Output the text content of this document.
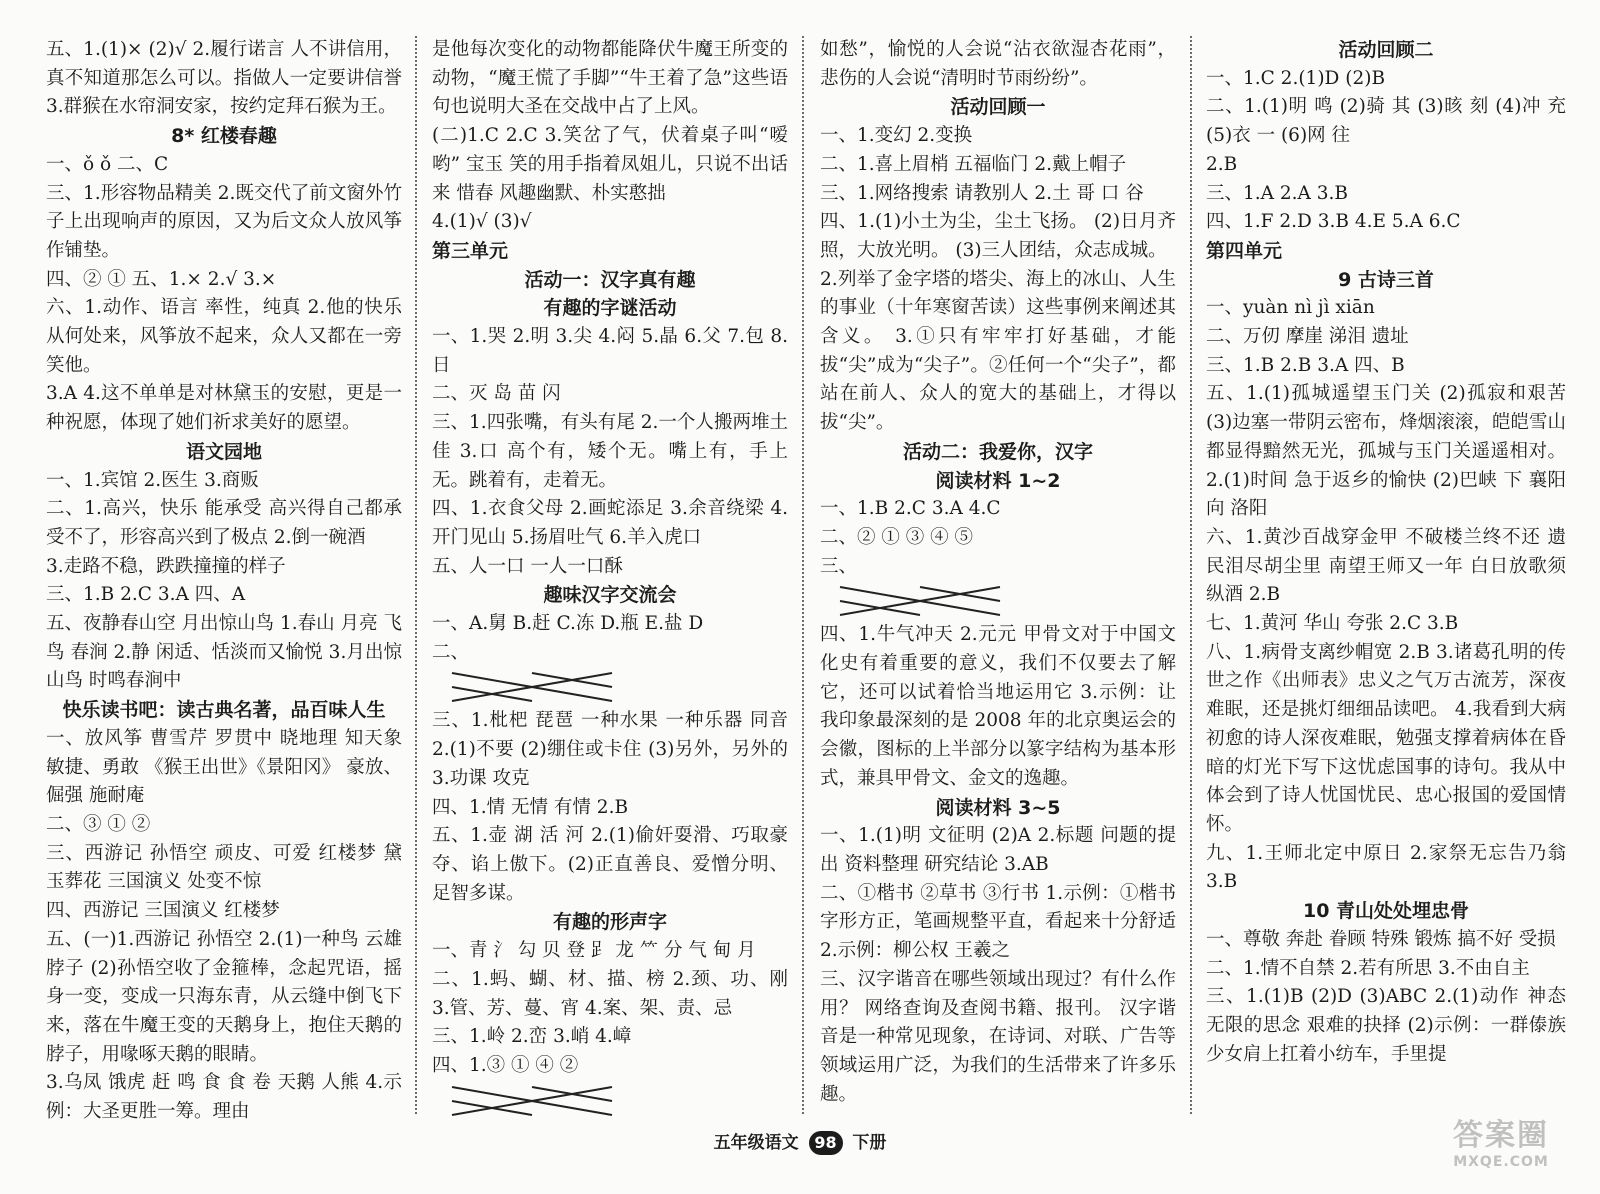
五、1.(1)× (2)√ 2.履行诺言 人不讲信用，真不知道那怎么可以。指做人一定要讲信誉 3.群猴在水帘洞安家，按约定拜石猴为王。

8* 红楼春趣

一、ǒ ǒ 二、C

三、1.形容物品精美 2.既交代了前文窗外竹子上出现响声的原因，又为后文众人放风筝作铺垫。

四、② ① 五、1.× 2.√ 3.×

六、1.动作、语言 率性，纯真 2.他的快乐从何处来，风筝放不起来，众人又都在一旁笑他。

3.A 4.这不单单是对林黛玉的安慰，更是一种祝愿，体现了她们祈求美好的愿望。

语文园地

一、1.宾馆 2.医生 3.商贩

二、1.高兴，快乐 能承受 高兴得自己都承受不了，形容高兴到了极点 2.倒一碗酒

3.走路不稳，跌跌撞撞的样子

三、1.B 2.C 3.A 四、A

五、夜静春山空 月出惊山鸟 1.春山 月亮 飞鸟 春涧 2.静 闲适、恬淡而又愉悦 3.月出惊山鸟 时鸣春涧中

快乐读书吧：读古典名著，品百味人生

一、放风筝 曹雪芹 罗贯中 晓地理 知天象 敏捷、勇敢 《猴王出世》《景阳冈》 豪放、倔强 施耐庵

二、③ ① ②

三、西游记 孙悟空 顽皮、可爱 红楼梦 黛玉葬花 三国演义 处变不惊

四、西游记 三国演义 红楼梦

五、(一)1.西游记 孙悟空 2.(1)一种鸟 云雄 脖子 (2)孙悟空收了金箍棒，念起咒语，摇身一变，变成一只海东青，从云缝中倒飞下来，落在牛魔王变的天鹅身上，抱住天鹅的脖子，用喙啄天鹅的眼睛。

3.乌凤 饿虎 赶 鸣 食 食 卷 天鹅 人熊 4.示例：大圣更胜一筹。理由

是他每次变化的动物都能降伏牛魔王所变的动物，“魔王慌了手脚”“牛王着了急”这些语句也说明大圣在交战中占了上风。

(二)1.C 2.C 3.笑岔了气，伏着桌子叫“嗳哟” 宝玉 笑的用手指着凤姐儿，只说不出话来 惜春 风趣幽默、朴实憨拙

4.(1)√ (3)√

第三单元

活动一：汉字真有趣

有趣的字谜活动

一、1.哭 2.明 3.尖 4.闷 5.晶 6.父 7.包 8.日

二、灭 岛 苗 闪

三、1.四张嘴，有头有尾 2.一个人搬两堆土 佳 3.口 高个有，矮个无。嘴上有，手上无。跳着有，走着无。

四、1.衣食父母 2.画蛇添足 3.余音绕梁 4.开门见山 5.扬眉吐气 6.羊入虎口

五、人一口 一人一口酥

趣味汉字交流会

一、A.舅 B.赶 C.冻 D.瓶 E.盐 D

二、

三、1.枇杷 琵琶 一种水果 一种乐器 同音 2.(1)不要 (2)绷住或卡住 (3)另外，另外的 3.功课 攻克

四、1.情 无情 有情 2.B

五、1.壶 湖 活 河 2.(1)偷奸耍滑、巧取豪夺、谄上傲下。(2)正直善良、爱憎分明、足智多谋。

有趣的形声字

一、青 氵 勾 贝 登 𧾷 龙 ⺮ 分 气 甸 月

二、1.蚂、蝴、材、描、榜 2.颈、功、刚 3.管、芳、蔓、宵 4.案、架、责、忌

三、1.岭 2.峦 3.峭 4.嶂

四、1.③ ① ④ ②

如愁”，愉悦的人会说“沾衣欲湿杏花雨”，悲伤的人会说“清明时节雨纷纷”。

活动回顾一

一、1.变幻 2.变换

二、1.喜上眉梢 五福临门 2.戴上帽子

三、1.网络搜索 请教别人 2.土 哥 口 谷

四、1.(1)小土为尘，尘土飞扬。 (2)日月齐照，大放光明。 (3)三人团结，众志成城。

2.列举了金字塔的塔尖、海上的冰山、人生的事业（十年寒窗苦读）这些事例来阐述其含义。 3.①只有牢牢打好基础，才能拔“尖”成为“尖子”。②任何一个“尖子”，都站在前人、众人的宽大的基础上，才得以拔“尖”。

活动二：我爱你，汉字

阅读材料 1~2

一、1.B 2.C 3.A 4.C

二、② ① ③ ④ ⑤

三、

四、1.牛气冲天 2.元元 甲骨文对于中国文化史有着重要的意义，我们不仅要去了解它，还可以试着恰当地运用它 3.示例：让我印象最深刻的是 2008 年的北京奥运会的会徽，图标的上半部分以篆字结构为基本形式，兼具甲骨文、金文的逸趣。

阅读材料 3~5

一、1.(1)明 文征明 (2)A 2.标题 问题的提出 资料整理 研究结论 3.AB

二、①楷书 ②草书 ③行书 1.示例：①楷书字形方正，笔画规整平直，看起来十分舒适 2.示例：柳公权 王羲之

三、汉字谐音在哪些领域出现过？有什么作用？ 网络查询及查阅书籍、报刊。 汉字谐音是一种常见现象，在诗词、对联、广告等领域运用广泛，为我们的生活带来了许多乐趣。

活动回顾二

一、1.C 2.(1)D (2)B

二、1.(1)明 鸣 (2)骑 其 (3)晐 刻 (4)冲 充 (5)衣 一 (6)网 往

2.B

三、1.A 2.A 3.B

四、1.F 2.D 3.B 4.E 5.A 6.C

第四单元

9 古诗三首

一、yuàn nì jì xiān

二、万仞 摩崖 涕泪 遗址

三、1.B 2.B 3.A 四、B

五、1.(1)孤城遥望玉门关 (2)孤寂和艰苦 (3)边塞一带阴云密布，烽烟滚滚，皑皑雪山都显得黯然无光，孤城与玉门关遥遥相对。 2.(1)时间 急于返乡的愉快 (2)巴峡 下 襄阳 向 洛阳

六、1.黄沙百战穿金甲 不破楼兰终不还 遗民泪尽胡尘里 南望王师又一年 白日放歌须纵酒 2.B

七、1.黄河 华山 夸张 2.C 3.B

八、1.病骨支离纱帽宽 2.B 3.诸葛孔明的传世之作《出师表》忠义之气万古流芳，深夜难眠，还是挑灯细细品读吧。 4.我看到大病初愈的诗人深夜难眠，勉强支撑着病体在昏暗的灯光下写下这忧虑国事的诗句。我从中体会到了诗人忧国忧民、忠心报国的爱国情怀。

九、1.王师北定中原日 2.家祭无忘告乃翁 3.B

10 青山处处埋忠骨

一、尊敬 奔赴 眷顾 特殊 锻炼 搞不好 受损

二、1.情不自禁 2.若有所思 3.不由自主

三、1.(1)B (2)D (3)ABC 2.(1)动作 神态 无限的思念 艰难的抉择 (2)示例：一群傣族少女肩上扛着小纺车，手里提

五年级语文 98 下册	答案圈
MXQE.COM
